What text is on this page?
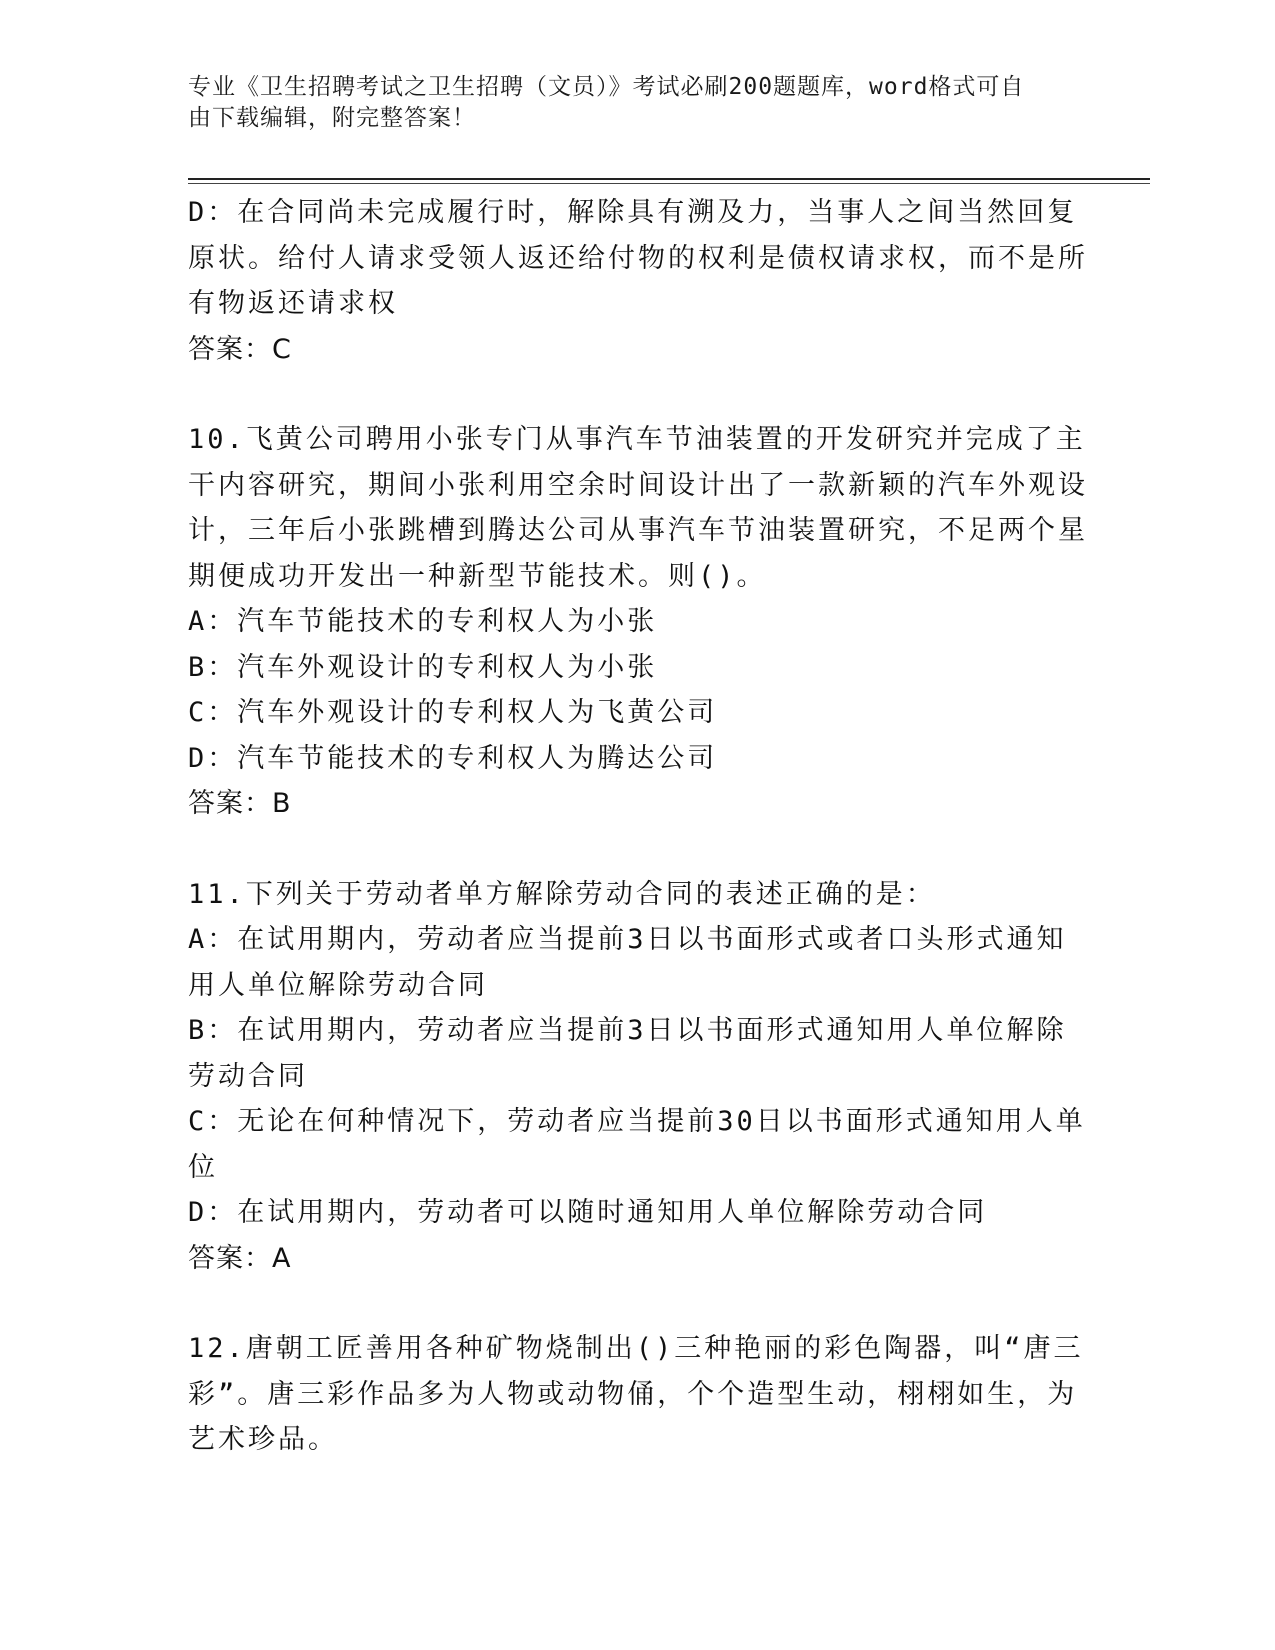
专业《卫生招聘考试之卫生招聘（文员）》考试必刷200题题库，word格式可自
由下载编辑，附完整答案！

D：在合同尚未完成履行时，解除具有溯及力，当事人之间当然回复原状。给付人请求受领人返还给付物的权利是债权请求权，而不是所有物返还请求权

答案：C

10.飞黄公司聘用小张专门从事汽车节油装置的开发研究并完成了主干内容研究，期间小张利用空余时间设计出了一款新颖的汽车外观设计，三年后小张跳槽到腾达公司从事汽车节油装置研究，不足两个星期便成功开发出一种新型节能技术。则()。

A：汽车节能技术的专利权人为小张

B：汽车外观设计的专利权人为小张

C：汽车外观设计的专利权人为飞黄公司

D：汽车节能技术的专利权人为腾达公司

答案：B

11.下列关于劳动者单方解除劳动合同的表述正确的是：

A：在试用期内，劳动者应当提前3日以书面形式或者口头形式通知用人单位解除劳动合同

B：在试用期内，劳动者应当提前3日以书面形式通知用人单位解除劳动合同

C：无论在何种情况下，劳动者应当提前30日以书面形式通知用人单位

D：在试用期内，劳动者可以随时通知用人单位解除劳动合同

答案：A

12.唐朝工匠善用各种矿物烧制出()三种艳丽的彩色陶器，叫“唐三彩”。唐三彩作品多为人物或动物俑，个个造型生动，栩栩如生，为艺术珍品。
